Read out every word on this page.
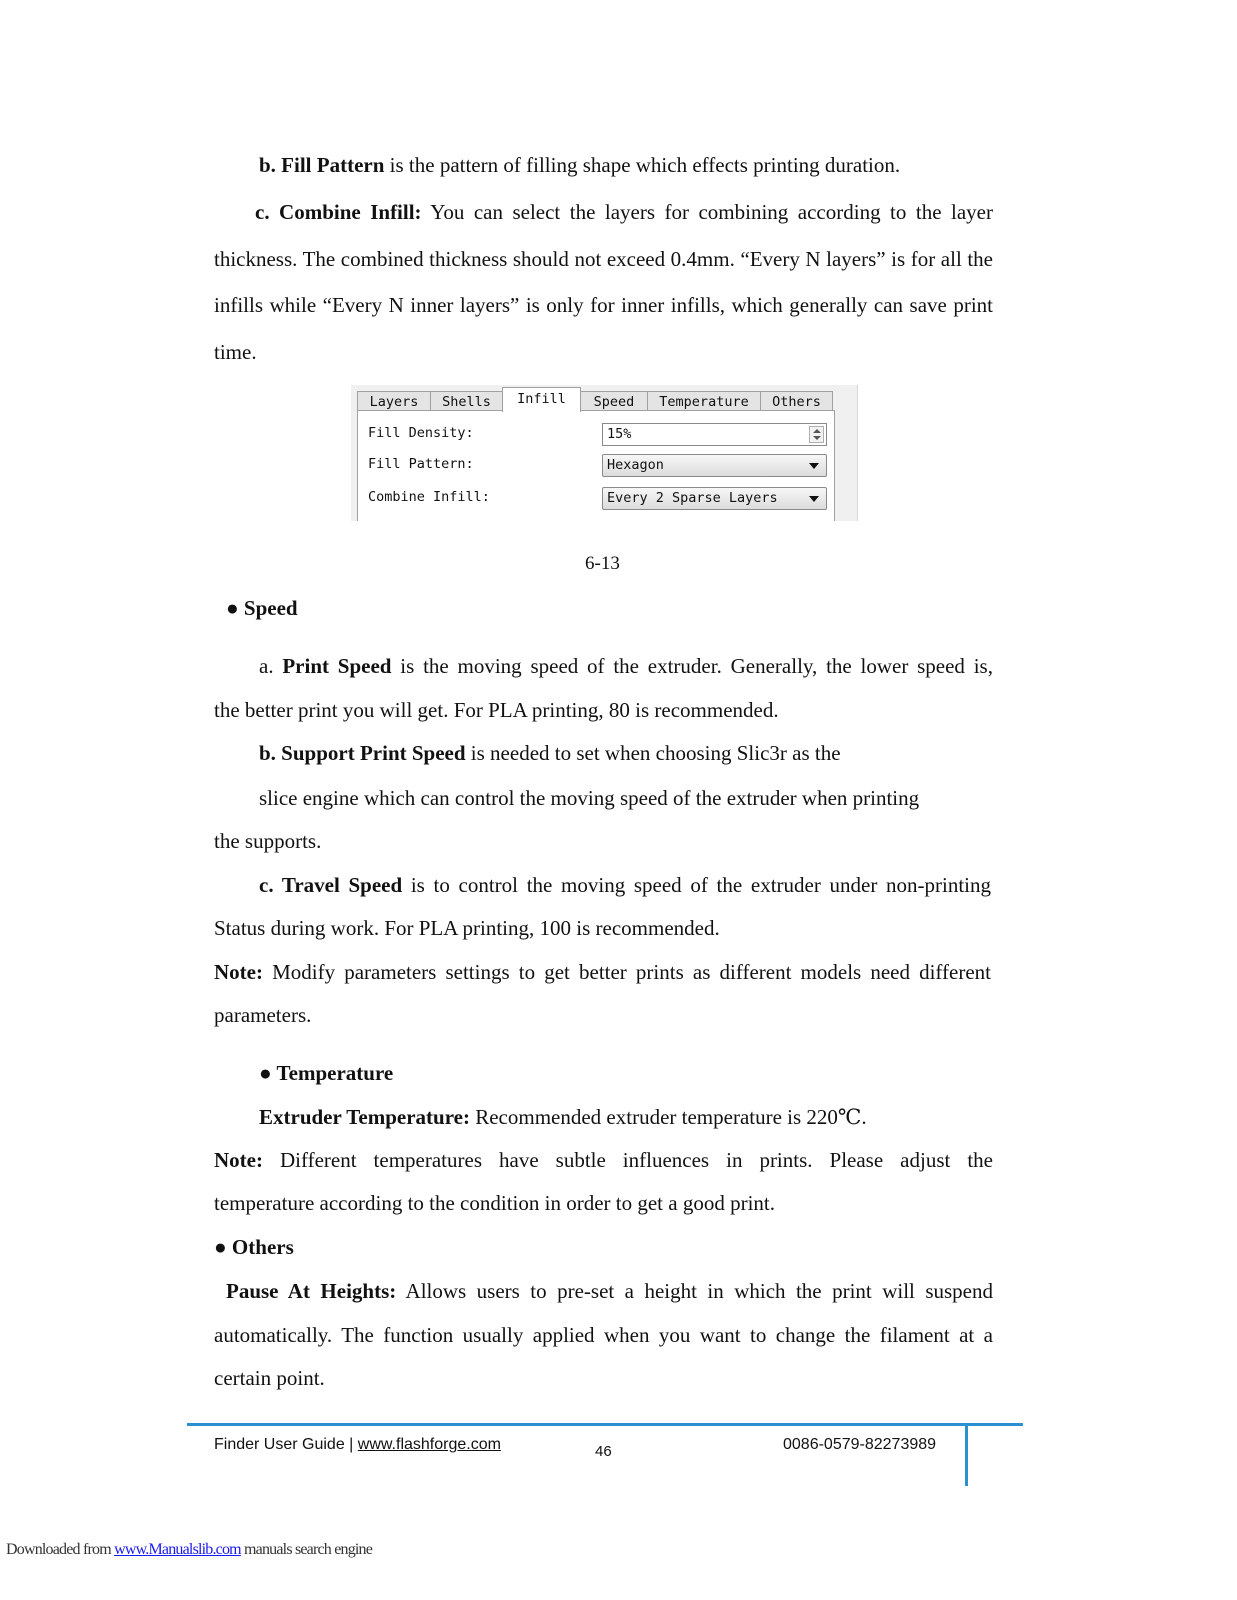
b. Fill Pattern is the pattern of filling shape which effects printing duration.
c. Combine Infill: You can select the layers for combining according to the layer
thickness. The combined thickness should not exceed 0.4mm. “Every N layers” is for all the
infills while “Every N inner layers” is only for inner infills, which generally can save print
time.
Layers	Shells	Infill	Speed	Temperature	Others
Fill Density:	15%
Fill Pattern:	Hexagon
Combine Infill:	Every 2 Sparse Layers
6-13
● Speed
a. Print Speed is the moving speed of the extruder. Generally, the lower speed is,
the better print you will get. For PLA printing, 80 is recommended.
b. Support Print Speed is needed to set when choosing Slic3r as the
slice engine which can control the moving speed of the extruder when printing
the supports.
c. Travel Speed is to control the moving speed of the extruder under non-printing
Status during work. For PLA printing, 100 is recommended.
Note: Modify parameters settings to get better prints as different models need different
parameters.
● Temperature
Extruder Temperature: Recommended extruder temperature is 220℃.
Note: Different temperatures have subtle influences in prints. Please adjust the
temperature according to the condition in order to get a good print.
● Others
Pause At Heights: Allows users to pre-set a height in which the print will suspend
automatically. The function usually applied when you want to change the filament at a
certain point.
Finder User Guide | www.flashforge.com	46	0086-0579-82273989
Downloaded from www.Manualslib.com manuals search engine
